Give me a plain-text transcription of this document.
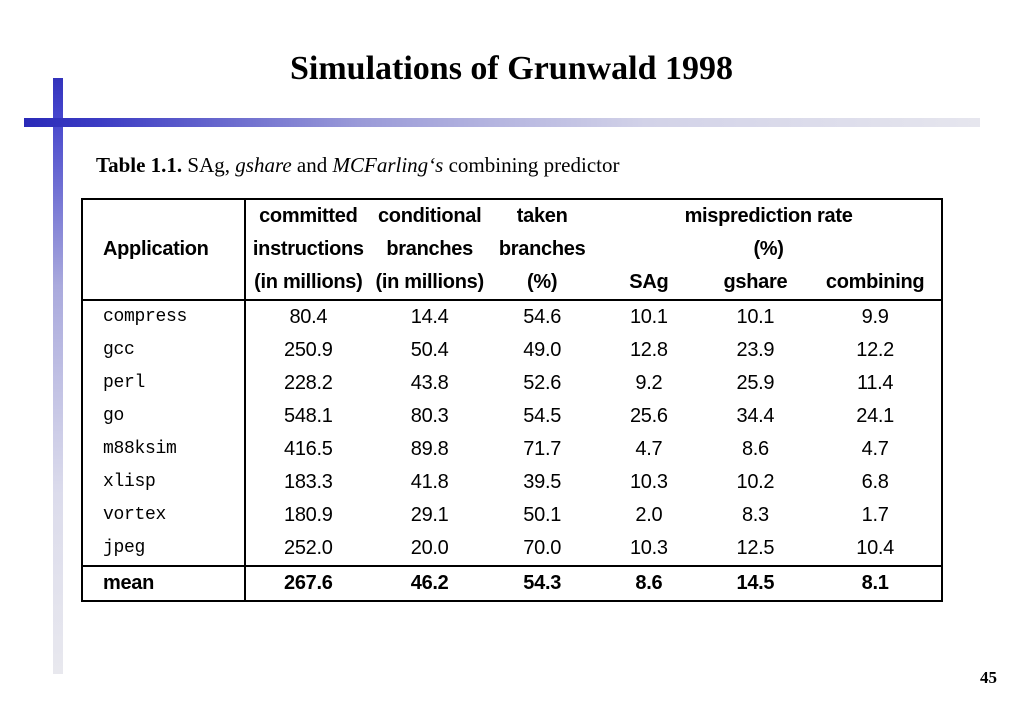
Simulations of Grunwald 1998
Table 1.1. SAg, gshare and MCFarling‘s combining predictor
	committed	conditional	taken	misprediction rate		
Application	instructions	branches	branches	(%)		
	(in millions)	(in millions)	(%)	SAg	gshare	combining
compress	80.4	14.4	54.6	10.1	10.1	9.9
gcc	250.9	50.4	49.0	12.8	23.9	12.2
perl	228.2	43.8	52.6	9.2	25.9	11.4
go	548.1	80.3	54.5	25.6	34.4	24.1
m88ksim	416.5	89.8	71.7	4.7	8.6	4.7
xlisp	183.3	41.8	39.5	10.3	10.2	6.8
vortex	180.9	29.1	50.1	2.0	8.3	1.7
jpeg	252.0	20.0	70.0	10.3	12.5	10.4
mean	267.6	46.2	54.3	8.6	14.5	8.1
45
